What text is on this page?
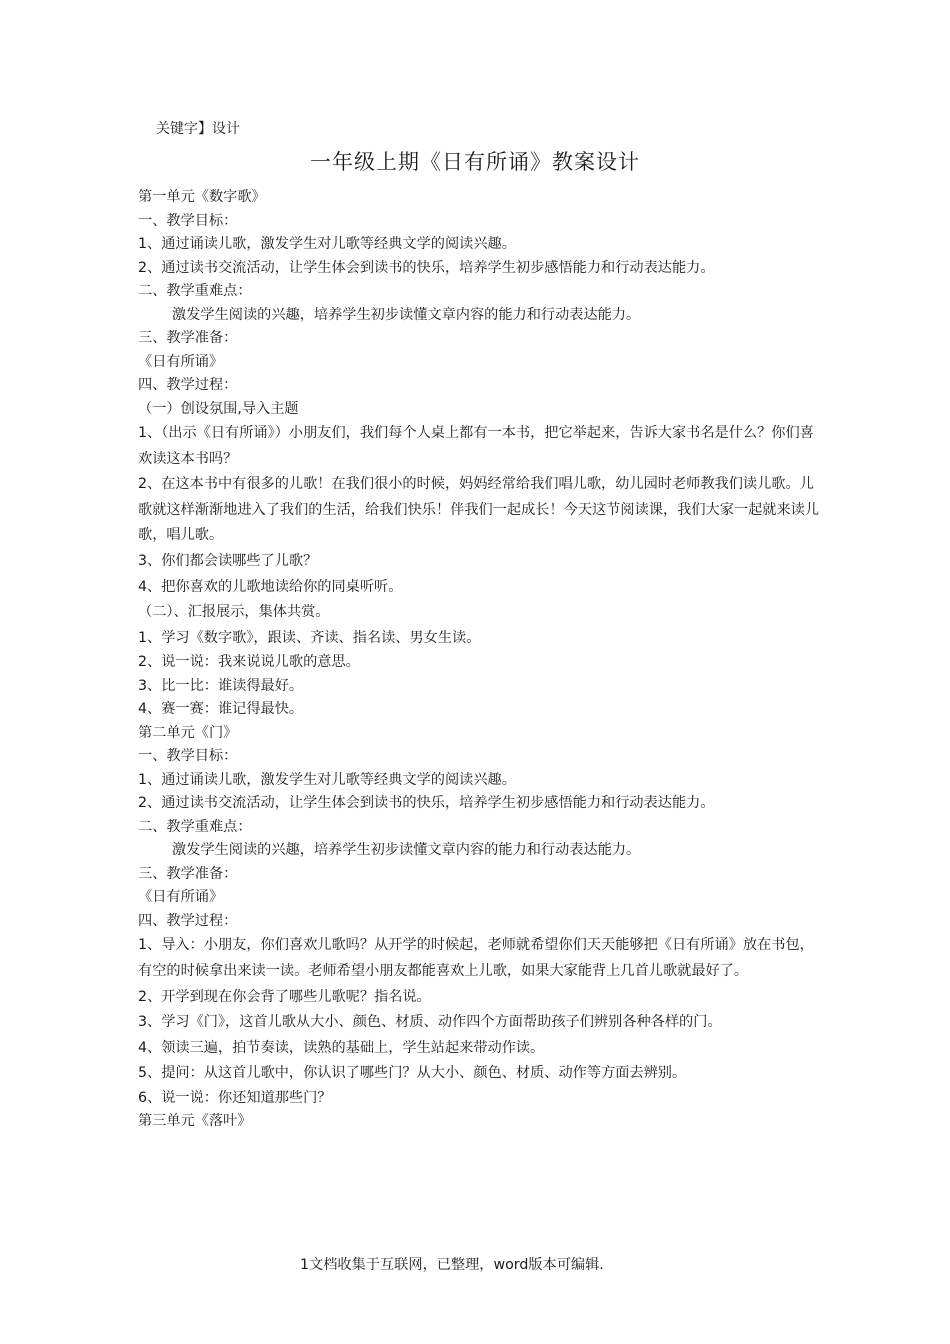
关键字】设计
一年级上期《日有所诵》教案设计

第一单元《数字歌》

一、教学目标：

1、通过诵读儿歌，激发学生对儿歌等经典文学的阅读兴趣。

2、通过读书交流活动，让学生体会到读书的快乐，培养学生初步感悟能力和行动表达能力。

二、教学重难点：

激发学生阅读的兴趣，培养学生初步读懂文章内容的能力和行动表达能力。

三、教学准备：

《日有所诵》

四、教学过程：

（一）创设氛围,导入主题

1、（出示《日有所诵》）小朋友们，我们每个人桌上都有一本书，把它举起来，告诉大家书名是什么？你们喜欢读这本书吗？

2、在这本书中有很多的儿歌！在我们很小的时候，妈妈经常给我们唱儿歌，幼儿园时老师教我们读儿歌。儿歌就这样渐渐地进入了我们的生活，给我们快乐！伴我们一起成长！今天这节阅读课，我们大家一起就来读儿歌，唱儿歌。

3、你们都会读哪些了儿歌？

4、把你喜欢的儿歌地读给你的同桌听听。

（二）、汇报展示，集体共赏。

1、学习《数字歌》，跟读、齐读、指名读、男女生读。

2、说一说：我来说说儿歌的意思。

3、比一比：谁读得最好。

4、赛一赛：谁记得最快。

第二单元《门》

一、教学目标：

1、通过诵读儿歌，激发学生对儿歌等经典文学的阅读兴趣。

2、通过读书交流活动，让学生体会到读书的快乐，培养学生初步感悟能力和行动表达能力。

二、教学重难点：

激发学生阅读的兴趣，培养学生初步读懂文章内容的能力和行动表达能力。

三、教学准备：

《日有所诵》

四、教学过程：

1、导入：小朋友，你们喜欢儿歌吗？从开学的时候起，老师就希望你们天天能够把《日有所诵》放在书包，有空的时候拿出来读一读。老师希望小朋友都能喜欢上儿歌，如果大家能背上几首儿歌就最好了。

2、开学到现在你会背了哪些儿歌呢？指名说。

3、学习《门》，这首儿歌从大小、颜色、材质、动作四个方面帮助孩子们辨别各种各样的门。

4、领读三遍，拍节奏读，读熟的基础上，学生站起来带动作读。

5、提问：从这首儿歌中，你认识了哪些门？从大小、颜色、材质、动作等方面去辨别。

6、说一说：你还知道那些门？

第三单元《落叶》

1文档收集于互联网，已整理，word版本可编辑.
